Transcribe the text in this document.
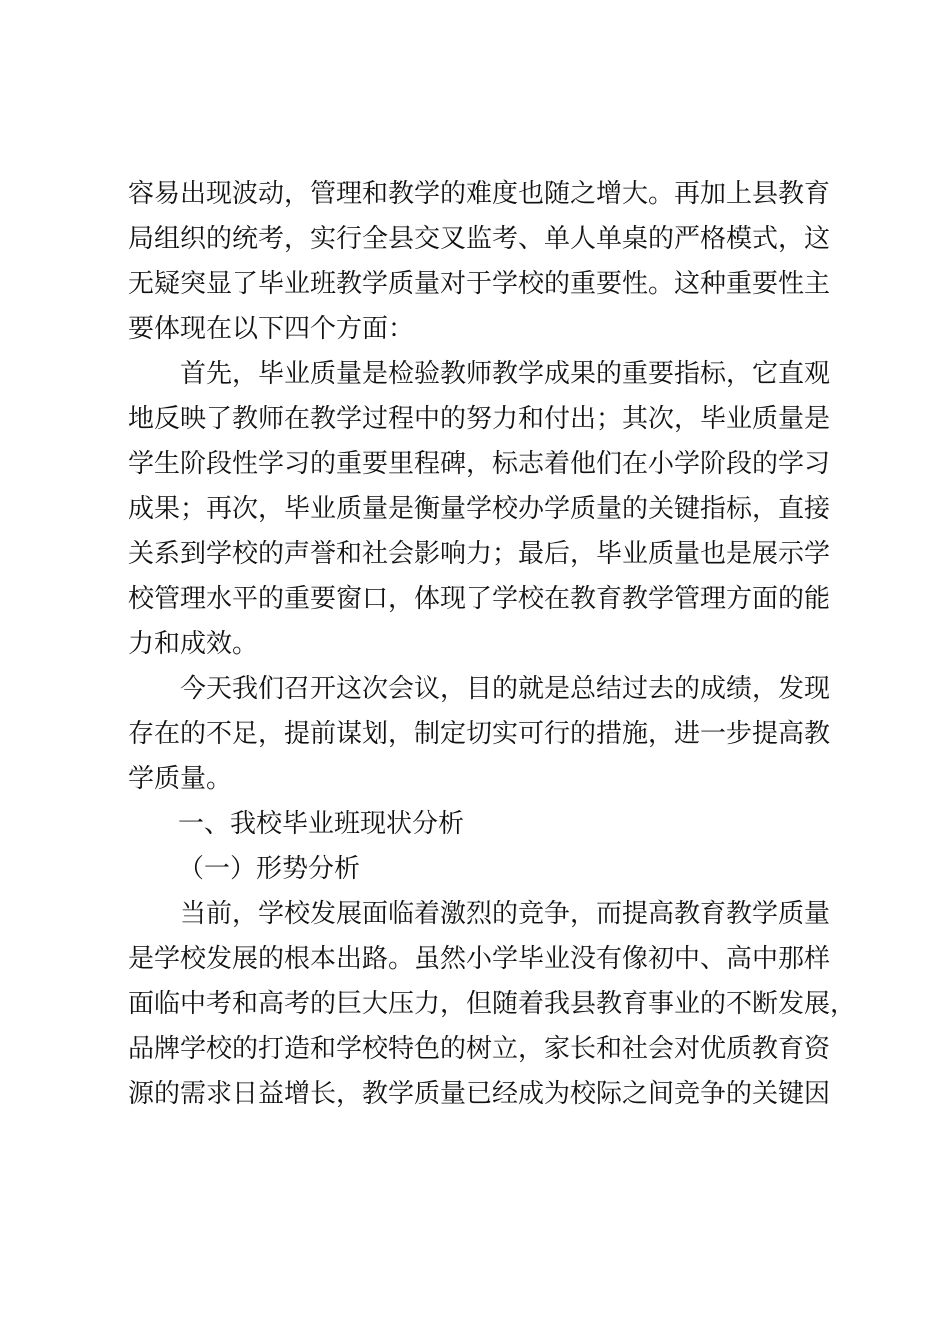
容易出现波动，管理和教学的难度也随之增大。再加上县教育
局组织的统考，实行全县交叉监考、单人单桌的严格模式，这
无疑突显了毕业班教学质量对于学校的重要性。这种重要性主
要体现在以下四个方面：
首先，毕业质量是检验教师教学成果的重要指标，它直观
地反映了教师在教学过程中的努力和付出；其次，毕业质量是
学生阶段性学习的重要里程碑，标志着他们在小学阶段的学习
成果；再次，毕业质量是衡量学校办学质量的关键指标，直接
关系到学校的声誉和社会影响力；最后，毕业质量也是展示学
校管理水平的重要窗口，体现了学校在教育教学管理方面的能
力和成效。
今天我们召开这次会议，目的就是总结过去的成绩，发现
存在的不足，提前谋划，制定切实可行的措施，进一步提高教
学质量。
一、我校毕业班现状分析
（一）形势分析
当前，学校发展面临着激烈的竞争，而提高教育教学质量
是学校发展的根本出路。虽然小学毕业没有像初中、高中那样
面临中考和高考的巨大压力，但随着我县教育事业的不断发展，
品牌学校的打造和学校特色的树立，家长和社会对优质教育资
源的需求日益增长，教学质量已经成为校际之间竞争的关键因
